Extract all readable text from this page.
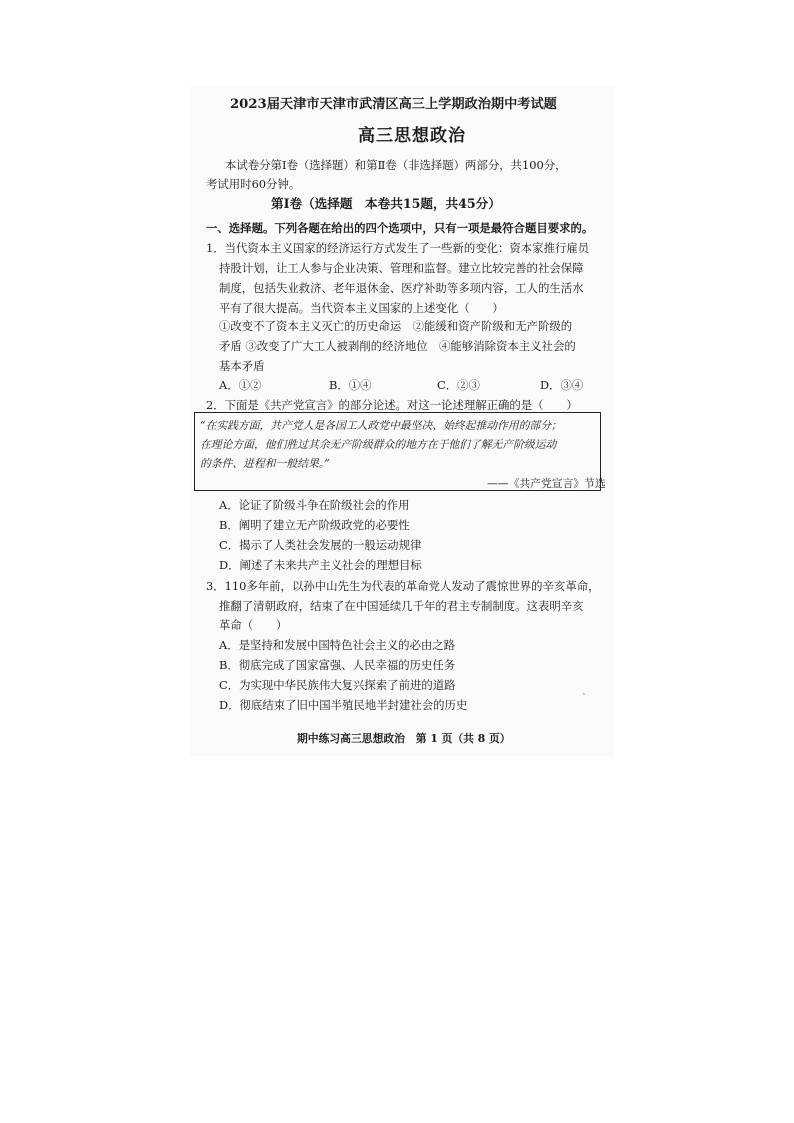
2023届天津市天津市武清区高三上学期政治期中考试题
高三思想政治
本试卷分第Ⅰ卷（选择题）和第Ⅱ卷（非选择题）两部分，共100分，
考试用时60分钟。
第Ⅰ卷（选择题　本卷共15题，共45分）
一、选择题。下列各题在给出的四个选项中，只有一项是最符合题目要求的。
1．当代资本主义国家的经济运行方式发生了一些新的变化：资本家推行雇员
持股计划，让工人参与企业决策、管理和监督。建立比较完善的社会保障
制度，包括失业救济、老年退休金、医疗补助等多项内容，工人的生活水
平有了很大提高。当代资本主义国家的上述变化（　　）
①改变不了资本主义灭亡的历史命运　②能缓和资产阶级和无产阶级的
矛盾 ③改变了广大工人被剥削的经济地位　④能够消除资本主义社会的
基本矛盾
A．①②	B．①④	C．②③	D．③④
2．下面是《共产党宣言》的部分论述。对这一论述理解正确的是（　　）
“在实践方面，共产党人是各国工人政党中最坚决、始终起推动作用的部分；
在理论方面，他们胜过其余无产阶级群众的地方在于他们了解无产阶级运动
的条件、进程和一般结果。”
——《共产党宣言》节选
A．论证了阶级斗争在阶级社会的作用
B．阐明了建立无产阶级政党的必要性
C．揭示了人类社会发展的一般运动规律
D．阐述了未来共产主义社会的理想目标
3．110多年前，以孙中山先生为代表的革命党人发动了震惊世界的辛亥革命，
推翻了清朝政府，结束了在中国延续几千年的君主专制制度。这表明辛亥
革命（　　）
A．是坚持和发展中国特色社会主义的必由之路
B．彻底完成了国家富强、人民幸福的历史任务
C．为实现中华民族伟大复兴探索了前进的道路
D．彻底结束了旧中国半殖民地半封建社会的历史
、
期中练习高三思想政治　第 1 页（共 8 页）
